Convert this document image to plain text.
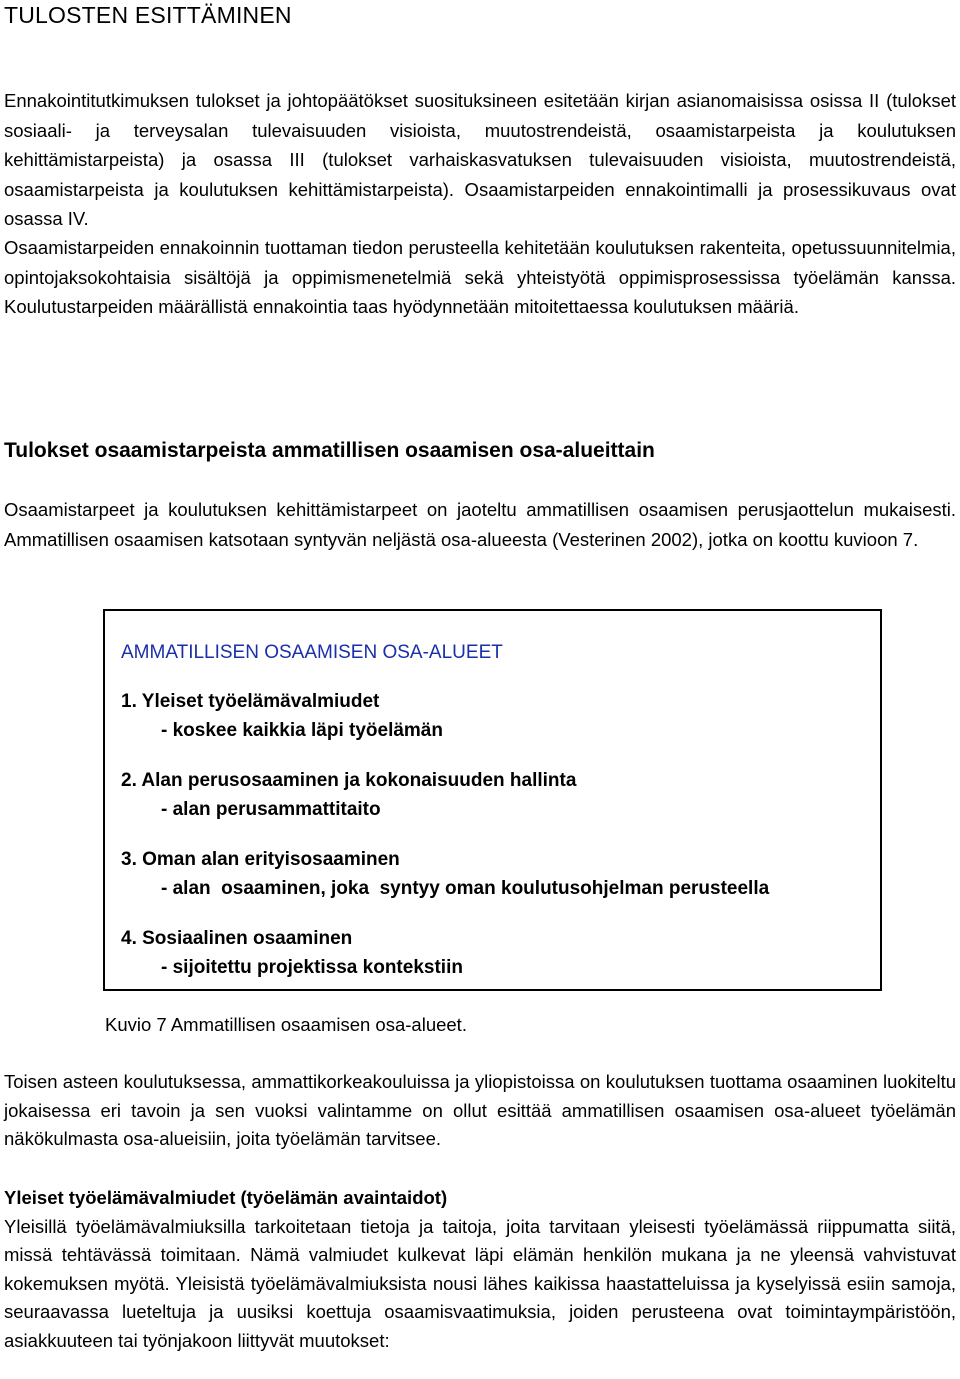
TULOSTEN ESITTÄMINEN

Ennakointitutkimuksen tulokset ja johtopäätökset suosituksineen esitetään kirjan asianomaisissa osissa II (tulokset sosiaali- ja terveysalan tulevaisuuden visioista, muutostrendeistä, osaamistarpeista ja koulutuksen kehittämistarpeista) ja osassa III (tulokset varhaiskasvatuksen tulevaisuuden visioista, muutostrendeistä, osaamistarpeista ja koulutuksen kehittämistarpeista). Osaamistarpeiden ennakointimalli ja prosessikuvaus ovat osassa IV.

Osaamistarpeiden ennakoinnin tuottaman tiedon perusteella kehitetään koulutuksen rakenteita, opetussuunnitelmia, opintojaksokohtaisia sisältöjä ja oppimismenetelmiä sekä yhteistyötä oppimisprosessissa työelämän kanssa. Koulutustarpeiden määrällistä ennakointia taas hyödynnetään mitoitettaessa koulutuksen määriä.

Tulokset osaamistarpeista ammatillisen osaamisen osa-alueittain

Osaamistarpeet ja koulutuksen kehittämistarpeet on jaoteltu ammatillisen osaamisen perusjaottelun mukaisesti. Ammatillisen osaamisen katsotaan syntyvän neljästä osa-alueesta (Vesterinen 2002), jotka on koottu kuvioon 7.

AMMATILLISEN OSAAMISEN OSA-ALUEET
1. Yleiset työelämävalmiudet
- koskee kaikkia läpi työelämän
2. Alan perusosaaminen ja kokonaisuuden hallinta
- alan perusammattitaito
3. Oman alan erityisosaaminen
- alan  osaaminen, joka  syntyy oman koulutusohjelman perusteella
4. Sosiaalinen osaaminen
- sijoitettu projektissa kontekstiin

Kuvio 7 Ammatillisen osaamisen osa-alueet.

Toisen asteen koulutuksessa, ammattikorkeakouluissa ja yliopistoissa on koulutuksen tuottama osaaminen luokiteltu jokaisessa eri tavoin ja sen vuoksi valintamme on ollut esittää ammatillisen osaamisen osa-alueet työelämän näkökulmasta osa-alueisiin, joita työelämän tarvitsee.

Yleiset työelämävalmiudet (työelämän avaintaidot)
Yleisillä työelämävalmiuksilla tarkoitetaan tietoja ja taitoja, joita tarvitaan yleisesti työelämässä riippumatta siitä, missä tehtävässä toimitaan. Nämä valmiudet kulkevat läpi elämän henkilön mukana ja ne yleensä vahvistuvat kokemuksen myötä. Yleisistä työelämävalmiuksista nousi lähes kaikissa haastatteluissa ja kyselyissä esiin samoja, seuraavassa lueteltuja ja uusiksi koettuja osaamisvaatimuksia, joiden perusteena ovat toimintaympäristöön, asiakkuuteen tai työnjakoon liittyvät muutokset:
